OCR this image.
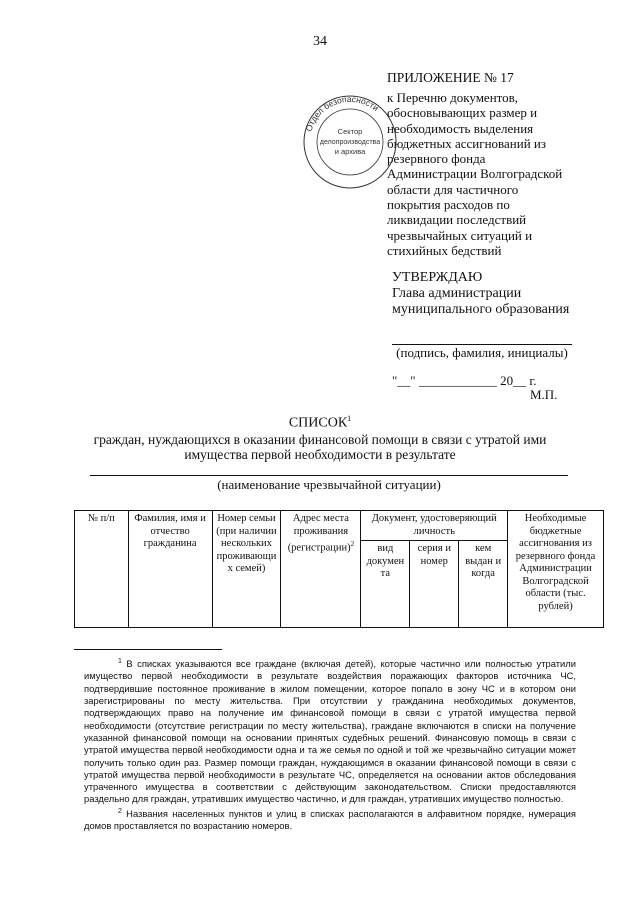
34
ПРИЛОЖЕНИЕ № 17
к Перечню документов,
обосновывающих размер и
необходимость выделения
бюджетных ассигнований из
резервного фонда
Администрации Волгоградской
области для частичного
покрытия расходов по
ликвидации последствий
чрезвычайных ситуаций и
стихийных бедствий
Отдел безопасности
Сектор
делопроизводства
и архива
УТВЕРЖДАЮ
Глава администрации
муниципального образования
(подпись, фамилия, инициалы)
"__" ____________ 20__ г.
М.П.
СПИСОК$^1$
граждан, нуждающихся в оказании финансовой помощи в связи с утратой ими
имущества первой необходимости в результате
(наименование чрезвычайной ситуации)
№ п/п	Фамилия, имя и отчество гражданина	Номер семьи (при наличии нескольких проживающи х семей)	Адрес места проживания (регистрации)$^2$	Документ, удостоверяющий личность			Необходимые бюджетные ассигнования из резервного фонда Администрации Волгоградской области (тыс. рублей)
				вид докумен та	серия и номер	кем выдан и когда	

$^1$ В списках указываются все граждане (включая детей), которые частично или полностью утратили имущество первой необходимости в результате воздействия поражающих факторов источника ЧС, подтвердившие постоянное проживание в жилом помещении, которое попало в зону ЧС и в котором они зарегистрированы по месту жительства. При отсутствии у гражданина необходимых документов, подтверждающих право на получение им финансовой помощи в связи с утратой имущества первой необходимости (отсутствие регистрации по месту жительства), граждане включаются в списки на получение указанной финансовой помощи на основании принятых судебных решений. Финансовую помощь в связи с утратой имущества первой необходимости одна и та же семья по одной и той же чрезвычайно ситуации может получить только один раз. Размер помощи граждан, нуждающимся в оказании финансовой помощи в связи с утратой имущества первой необходимости в результате ЧС, определяется на основании актов обследования утраченного имущества в соответствии с действующим законодательством. Списки предоставляются раздельно для граждан, утративших имущество частично, и для граждан, утративших имущество полностью.

$^2$ Названия населенных пунктов и улиц в списках располагаются в алфавитном порядке, нумерация домов проставляется по возрастанию номеров.
